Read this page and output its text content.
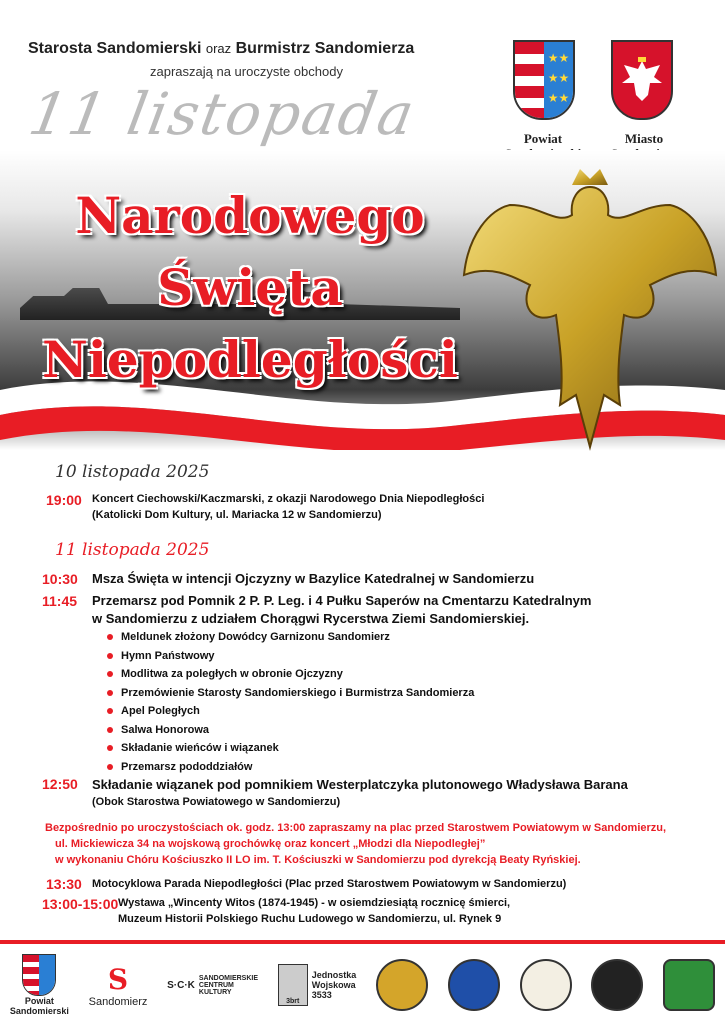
Starosta Sandomierski oraz Burmistrz Sandomierza
zapraszają na uroczyste obchody
11 listopada
★★
★★
★★
Powiat	Miasto
Narodowego
Święta
Niepodległości
10 listopada 2025
19:00 Koncert Ciechowski/Kaczmarski, z okazji Narodowego Dnia Niepodległości
(Katolicki Dom Kultury, ul. Mariacka 12 w Sandomierzu)
11 listopada 2025
10:30 Msza Święta w intencji Ojczyzny w Bazylice Katedralnej w Sandomierzu
11:45 Przemarsz pod Pomnik 2 P. P. Leg. i 4 Pułku Saperów na Cmentarzu Katedralnym
w Sandomierzu z udziałem Chorągwi Rycerstwa Ziemi Sandomierskiej.
Meldunek złożony Dowódcy Garnizonu Sandomierz
Hymn Państwowy
Modlitwa za poległych w obronie Ojczyzny
Przemówienie Starosty Sandomierskiego i Burmistrza Sandomierza
Apel Poległych
Salwa Honorowa
Składanie wieńców i wiązanek
Przemarsz pododdziałów
12:50 Składanie wiązanek pod pomnikiem Westerplatczyka plutonowego Władysława Barana
(Obok Starostwa Powiatowego w Sandomierzu)
Bezpośrednio po uroczystościach ok. godz. 13:00 zapraszamy na plac przed Starostwem Powiatowym w Sandomierzu,
ul. Mickiewicza 34 na wojskową grochówkę oraz koncert „Młodzi dla Niepodległej”
w wykonaniu Chóru Kościuszko II LO im. T. Kościuszki w Sandomierzu pod dyrekcją Beaty Ryńskiej.
13:30 Motocyklowa Parada Niepodległości (Plac przed Starostwem Powiatowym w Sandomierzu)
13:00-15:00 Wystawa „Wincenty Witos (1874-1945) - w osiemdziesiątą rocznicę śmierci,
Muzeum Historii Polskiego Ruchu Ludowego w Sandomierzu, ul. Rynek 9
Powiat
Sandomierski
S
Sandomierz
S·C·K
SANDOMIERSKIE
CENTRUM
KULTURY
3brt
Jednostka
Wojskowa
3533
